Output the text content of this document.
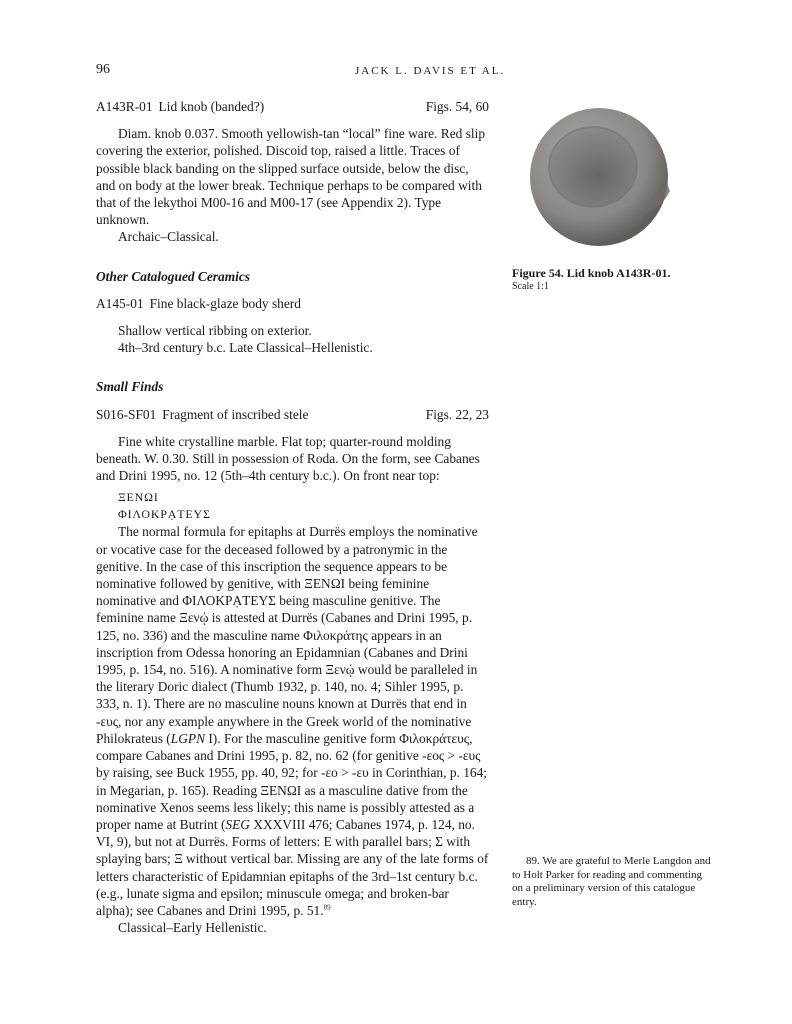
96	JACK L. DAVIS ET AL.
A143R-01 Lid knob (banded?)	Figs. 54, 60

Diam. knob 0.037. Smooth yellowish-tan “local” fine ware. Red slip covering the exterior, polished. Discoid top, raised a little. Traces of possible black banding on the slipped surface outside, below the disc, and on body at the lower break. Technique perhaps to be compared with that of the lekythoi M00-16 and M00-17 (see Appendix 2). Type unknown.

Archaic–Classical.

Other Catalogued Ceramics

A145-01 Fine black-glaze body sherd

Shallow vertical ribbing on exterior.

4th–3rd century b.c. Late Classical–Hellenistic.

Small Finds

S016-SF01 Fragment of inscribed stele	Figs. 22, 23

Fine white crystalline marble. Flat top; quarter-round molding beneath. W. 0.30. Still in possession of Roda. On the form, see Cabanes and Drini 1995, no. 12 (5th–4th century b.c.). On front near top:

ΞΕΝΩΙ

ΦΙΛΟΚΡẠΤΕΥΣ

The normal formula for epitaphs at Durrës employs the nominative or vocative case for the deceased followed by a patronymic in the genitive. In the case of this inscription the sequence appears to be nominative followed by genitive, with ΞΕΝΩΙ being feminine nominative and ΦΙΛΟΚΡẠΤΕΥΣ being masculine genitive. The feminine name Ξενῴ is attested at Durrës (Cabanes and Drini 1995, p. 125, no. 336) and the masculine name Φιλοκράτης appears in an inscription from Odessa honoring an Epidamnian (Cabanes and Drini 1995, p. 154, no. 516). A nominative form Ξενῴ would be paralleled in the literary Doric dialect (Thumb 1932, p. 140, no. 4; Sihler 1995, p. 333, n. 1). There are no masculine nouns known at Durrës that end in -ευς, nor any example anywhere in the Greek world of the nominative Philokrateus (LGPN I). For the masculine genitive form Φιλοκράτευς, compare Cabanes and Drini 1995, p. 82, no. 62 (for genitive -εος > -ευς by raising, see Buck 1955, pp. 40, 92; for -εο > -ευ in Corinthian, p. 164; in Megarian, p. 165). Reading ΞΕΝΩΙ as a masculine dative from the nominative Xenos seems less likely; this name is possibly attested as a proper name at Butrint (SEG XXXVIII 476; Cabanes 1974, p. 124, no. VI, 9), but not at Durrës. Forms of letters: Ε with parallel bars; Σ with splaying bars; Ξ without vertical bar. Missing are any of the late forms of letters characteristic of Epidamnian epitaphs of the 3rd–1st century b.c. (e.g., lunate sigma and epsilon; minuscule omega; and broken-bar alpha); see Cabanes and Drini 1995, p. 51.89

Classical–Early Hellenistic.

Figure 54. Lid knob A143R-01.
Scale 1:1

89. We are grateful to Merle Langdon and to Holt Parker for reading and commenting on a preliminary version of this catalogue entry.
